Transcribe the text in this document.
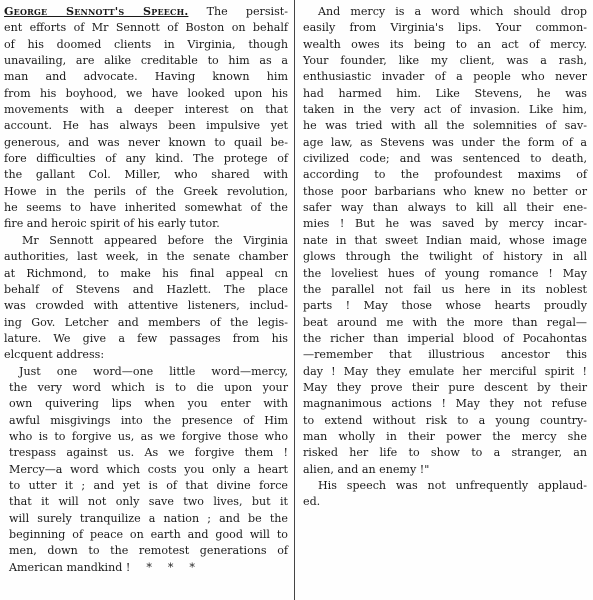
George Sennott's Speech. The persist-
ent efforts of Mr Sennott of Boston on behalf
of his doomed clients in Virginia, though
unavailing, are alike creditable to him as a
man and advocate. Having known him
from his boyhood, we have looked upon his
movements with a deeper interest on that
account. He has always been impulsive yet
generous, and was never known to quail be-
fore difficulties of any kind. The protege of
the gallant Col. Miller, who shared with
Howe in the perils of the Greek revolution,
he seems to have inherited somewhat of the
fire and heroic spirit of his early tutor.
Mr Sennott appeared before the Virginia
authorities, last week, in the senate chamber
at Richmond, to make his final appeal cn
behalf of Stevens and Hazlett. The place
was crowded with attentive listeners, includ-
ing Gov. Letcher and members of the legis-
lature. We give a few passages from his
elcquent address:
Just one word—one little word—mercy,
the very word which is to die upon your
own quivering lips when you enter with
awful misgivings into the presence of Him
who is to forgive us, as we forgive those who
trespass against us. As we forgive them !
Mercy—a word which costs you only a heart
to utter it ; and yet is of that divine force
that it will not only save two lives, but it
will surely tranquilize a nation ; and be the
beginning of peace on earth and good will to
men, down to the remotest generations of
American mandkind ! * * *
And mercy is a word which should drop
easily from Virginia's lips. Your common-
wealth owes its being to an act of mercy.
Your founder, like my client, was a rash,
enthusiastic invader of a people who never
had harmed him. Like Stevens, he was
taken in the very act of invasion. Like him,
he was tried with all the solemnities of sav-
age law, as Stevens was under the form of a
civilized code; and was sentenced to death,
according to the profoundest maxims of
those poor barbarians who knew no better or
safer way than always to kill all their ene-
mies ! But he was saved by mercy incar-
nate in that sweet Indian maid, whose image
glows through the twilight of history in all
the loveliest hues of young romance ! May
the parallel not fail us here in its noblest
parts ! May those whose hearts proudly
beat around me with the more than regal—
the richer than imperial blood of Pocahontas
—remember that illustrious ancestor this
day ! May they emulate her merciful spirit !
May they prove their pure descent by their
magnanimous actions ! May they not refuse
to extend without risk to a young country-
man wholly in their power the mercy she
risked her life to show to a stranger, an
alien, and an enemy !"
His speech was not unfrequently applaud-
ed.
